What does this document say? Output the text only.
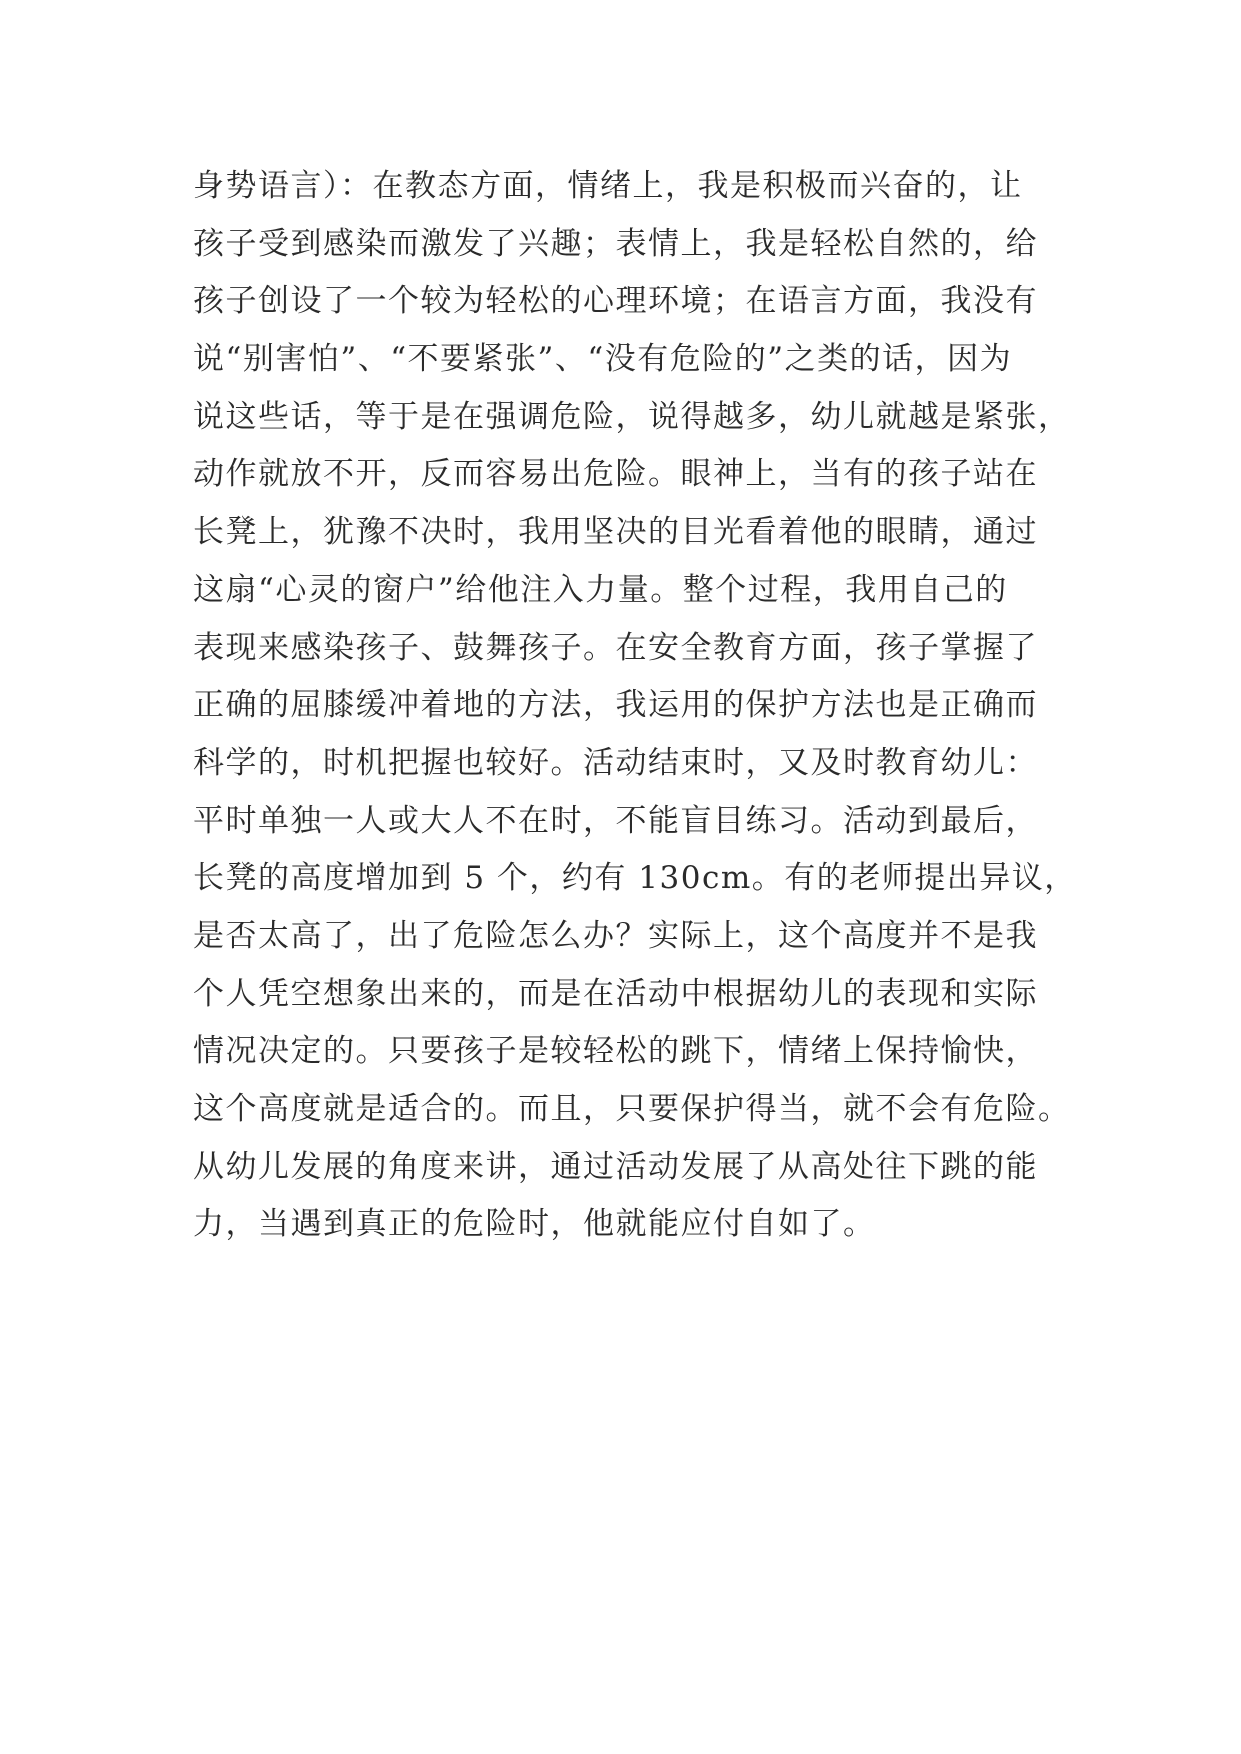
身势语言）：在教态方面，情绪上，我是积极而兴奋的，让
孩子受到感染而激发了兴趣；表情上，我是轻松自然的，给
孩子创设了一个较为轻松的心理环境；在语言方面，我没有
说“别害怕”、“不要紧张”、“没有危险的”之类的话，因为
说这些话，等于是在强调危险，说得越多，幼儿就越是紧张，
动作就放不开，反而容易出危险。眼神上，当有的孩子站在
长凳上，犹豫不决时，我用坚决的目光看着他的眼睛，通过
这扇“心灵的窗户”给他注入力量。整个过程，我用自己的
表现来感染孩子、鼓舞孩子。在安全教育方面，孩子掌握了
正确的屈膝缓冲着地的方法，我运用的保护方法也是正确而
科学的，时机把握也较好。活动结束时，又及时教育幼儿：
平时单独一人或大人不在时，不能盲目练习。活动到最后，
长凳的高度增加到 5 个，约有 130cm。有的老师提出异议，
是否太高了，出了危险怎么办？实际上，这个高度并不是我
个人凭空想象出来的，而是在活动中根据幼儿的表现和实际
情况决定的。只要孩子是较轻松的跳下，情绪上保持愉快，
这个高度就是适合的。而且，只要保护得当，就不会有危险。
从幼儿发展的角度来讲，通过活动发展了从高处往下跳的能
力，当遇到真正的危险时，他就能应付自如了。
